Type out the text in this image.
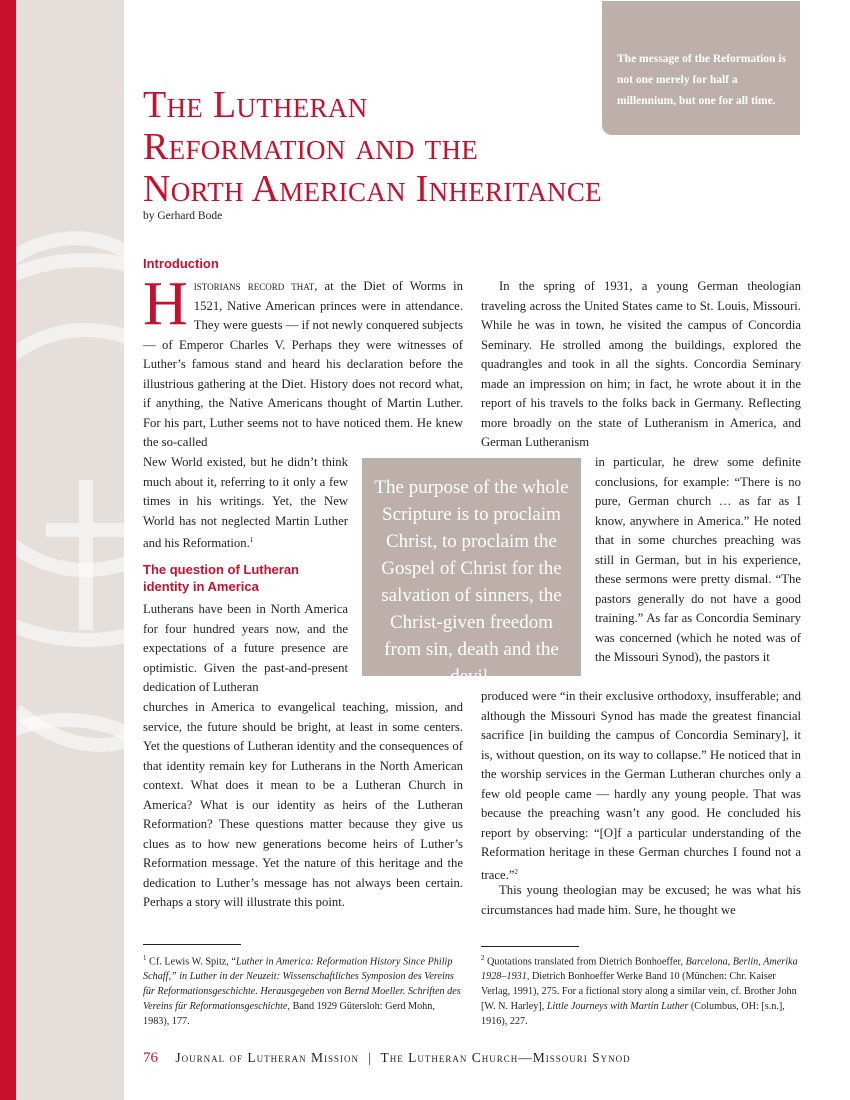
The message of the Reformation is not one merely for half a millennium, but one for all time.
The Lutheran
Reformation and the
North American Inheritance
by Gerhard Bode
Introduction

Historians record that, at the Diet of Worms in 1521, Native American princes were in attendance. They were guests — if not newly conquered subjects — of Emperor Charles V. Perhaps they were witnesses of Luther’s famous stand and heard his declaration before the illustrious gathering at the Diet. History does not record what, if anything, the Native Americans thought of Martin Luther. For his part, Luther seems not to have noticed them. He knew the so-called

New World existed, but he didn’t think much about it, referring to it only a few times in his writings. Yet, the New World has not neglected Martin Luther and his Reformation.$^1$

The question of Lutheran identity in America

Lutherans have been in North America for four hundred years now, and the expectations of a future presence are optimistic. Given the past-and-present dedication of Lutheran

churches in America to evangelical teaching, mission, and service, the future should be bright, at least in some centers. Yet the questions of Lutheran identity and the consequences of that identity remain key for Lutherans in the North American context. What does it mean to be a Lutheran Church in America? What is our identity as heirs of the Lutheran Reformation? These questions matter because they give us clues as to how new generations become heirs of Luther’s Reformation message. Yet the nature of this heritage and the dedication to Luther’s message has not always been certain. Perhaps a story will illustrate this point.

In the spring of 1931, a young German theologian traveling across the United States came to St. Louis, Missouri. While he was in town, he visited the campus of Concordia Seminary. He strolled among the buildings, explored the quadrangles and took in all the sights. Concordia Seminary made an impression on him; in fact, he wrote about it in the report of his travels to the folks back in Germany. Reflecting more broadly on the state of Lutheranism in America, and German Lutheranism

in particular, he drew some definite conclusions, for example: “There is no pure, German church … as far as I know, anywhere in America.” He noted that in some churches preaching was still in German, but in his experience, these sermons were pretty dismal. “The pastors generally do not have a good training.” As far as Concordia Seminary was concerned (which he noted was of the Missouri Synod), the pastors it

produced were “in their exclusive orthodoxy, insufferable; and although the Missouri Synod has made the greatest financial sacrifice [in building the campus of Concordia Seminary], it is, without question, on its way to collapse.” He noticed that in the worship services in the German Lutheran churches only a few old people came — hardly any young people. That was because the preaching wasn’t any good. He concluded his report by observing: “[O]f a particular understanding of the Reformation heritage in these German churches I found not a trace.”$^2$

This young theologian may be excused; he was what his circumstances had made him. Sure, he thought we

The purpose of the whole Scripture is to proclaim Christ, to proclaim the Gospel of Christ for the salvation of sinners, the Christ-given freedom from sin, death and the devil.

$^1$ Cf. Lewis W. Spitz, “Luther in America: Reformation History Since Philip Schaff,” in Luther in der Neuzeit: Wissenschaftliches Symposion des Vereins für Reformationsgeschichte. Herausgegeben von Bernd Moeller. Schriften des Vereins für Reformationsgeschichte, Band 1929 Gütersloh: Gerd Mohn, 1983), 177.

$^2$ Quotations translated from Dietrich Bonhoeffer, Barcelona, Berlin, Amerika 1928–1931, Dietrich Bonhoeffer Werke Band 10 (München: Chr. Kaiser Verlag, 1991), 275. For a fictional story along a similar vein, cf. Brother John [W. N. Harley], Little Journeys with Martin Luther (Columbus, OH: [s.n.], 1916), 227.

76 Journal of Lutheran Mission | The Lutheran Church—Missouri Synod
